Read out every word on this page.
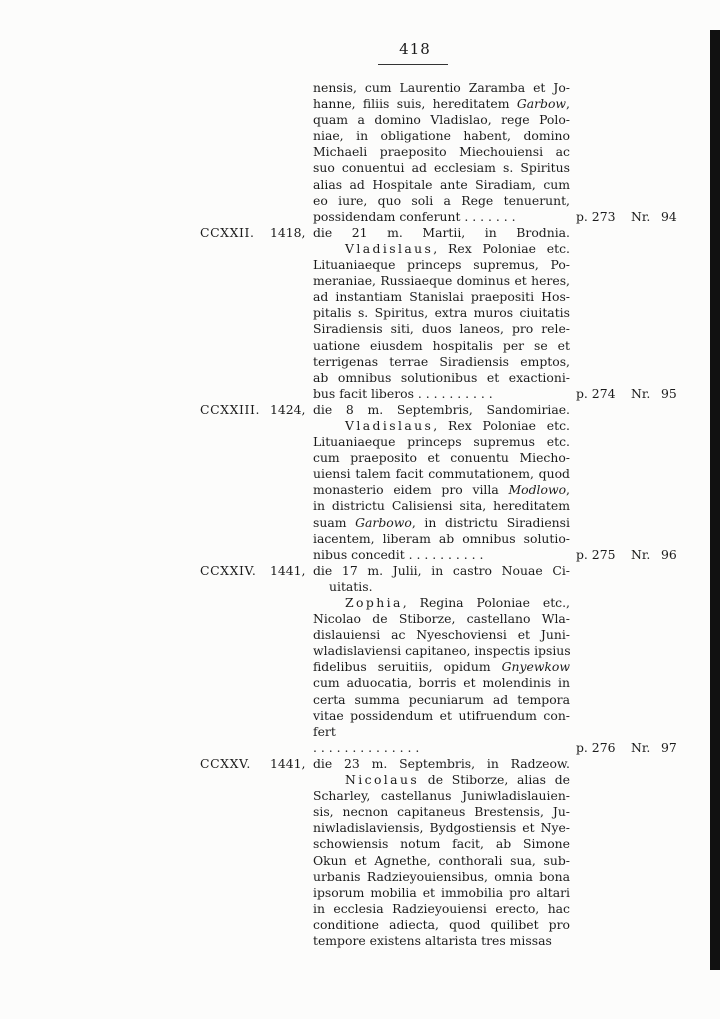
418
nensis, cum Laurentio Zaramba et Jo-
hanne, filiis suis, hereditatem Garbow,
quam a domino Vladislao, rege Polo-
niae, in obligatione habent, domino
Michaeli praeposito Miechouiensi ac
suo conuentui ad ecclesiam s. Spiritus
alias ad Hospitale ante Siradiam, cum
eo iure, quo soli a Rege tenuerunt,
possidendam conferunt . . . . . . .
die 21 m. Martii, in Brodnia.
Vladislaus, Rex Poloniae etc.
Lituaniaeque princeps supremus, Po-
meraniae, Russiaeque dominus et heres,
ad instantiam Stanislai praepositi Hos-
pitalis s. Spiritus, extra muros ciuitatis
Siradiensis siti, duos laneos, pro rele-
uatione eiusdem hospitalis per se et
terrigenas terrae Siradiensis emptos,
ab omnibus solutionibus et exactioni-
bus facit liberos . . . . . . . . . .
die 8 m. Septembris, Sandomiriae.
Vladislaus, Rex Poloniae etc.
Lituaniaeque princeps supremus etc.
cum praeposito et conuentu Miecho-
uiensi talem facit commutationem, quod
monasterio eidem pro villa Modlowo,
in districtu Calisiensi sita, hereditatem
suam Garbowo, in districtu Siradiensi
iacentem, liberam ab omnibus solutio-
nibus concedit . . . . . . . . . .
die 17 m. Julii, in castro Nouae Ci-
uitatis.
Zophia, Regina Poloniae etc.,
Nicolao de Stiborze, castellano Wla-
dislauiensi ac Nyeschoviensi et Juni-
wladislaviensi capitaneo, inspectis ipsius
fidelibus seruitiis, opidum Gnyewkow
cum aduocatia, borris et molendinis in
certa summa pecuniarum ad tempora
vitae possidendum et utifruendum con-
fert
. . . . . . . . . . . . . .
die 23 m. Septembris, in Radzeow.
Nicolaus de Stiborze, alias de
Scharley, castellanus Juniwladislauien-
sis, necnon capitaneus Brestensis, Ju-
niwladislaviensis, Bydgostiensis et Nye-
schowiensis notum facit, ab Simone
Okun et Agnethe, conthorali sua, sub-
urbanis Radzieyouiensibus, omnia bona
ipsorum mobilia et immobilia pro altari
in ecclesia Radzieyouiensi erecto, hac
conditione adiecta, quod quilibet pro
tempore existens altarista tres missas
CCXXII. 1418,
p. 273 Nr. 94
CCXXIII. 1424,
p. 274 Nr. 95
CCXXIV. 1441,
p. 275 Nr. 96
CCXXV. 1441,
p. 276 Nr. 97
